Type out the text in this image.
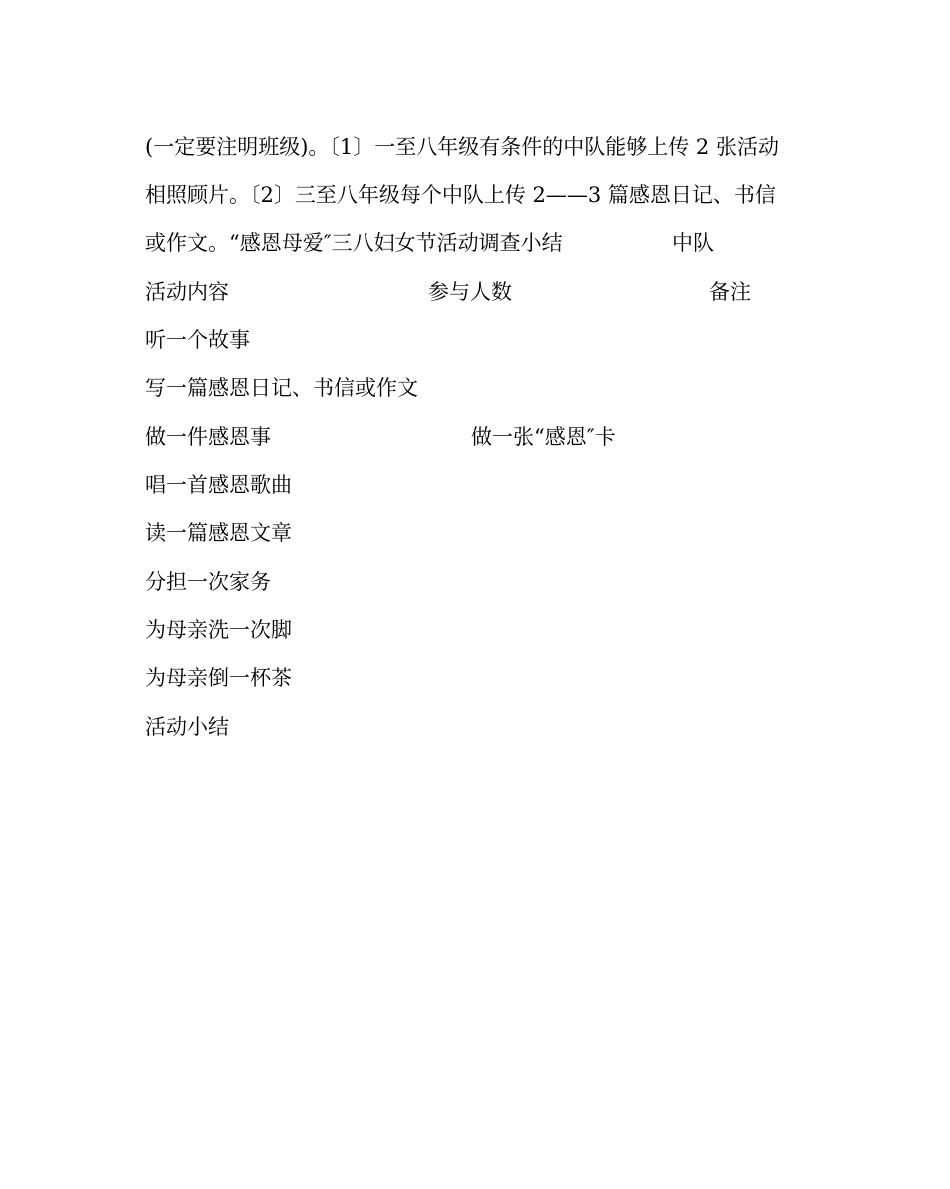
(一定要注明班级)。〔1〕一至八年级有条件的中队能够上传 2 张活动
相照顾片。〔2〕三至八年级每个中队上传 2——3 篇感恩日记、书信
或作文。“感恩母爱″三八妇女节活动调查小结	中队
活动内容	参与人数	备注
听一个故事
写一篇感恩日记、书信或作文
做一件感恩事	做一张“感恩″卡
唱一首感恩歌曲
读一篇感恩文章
分担一次家务
为母亲洗一次脚
为母亲倒一杯茶
活动小结
